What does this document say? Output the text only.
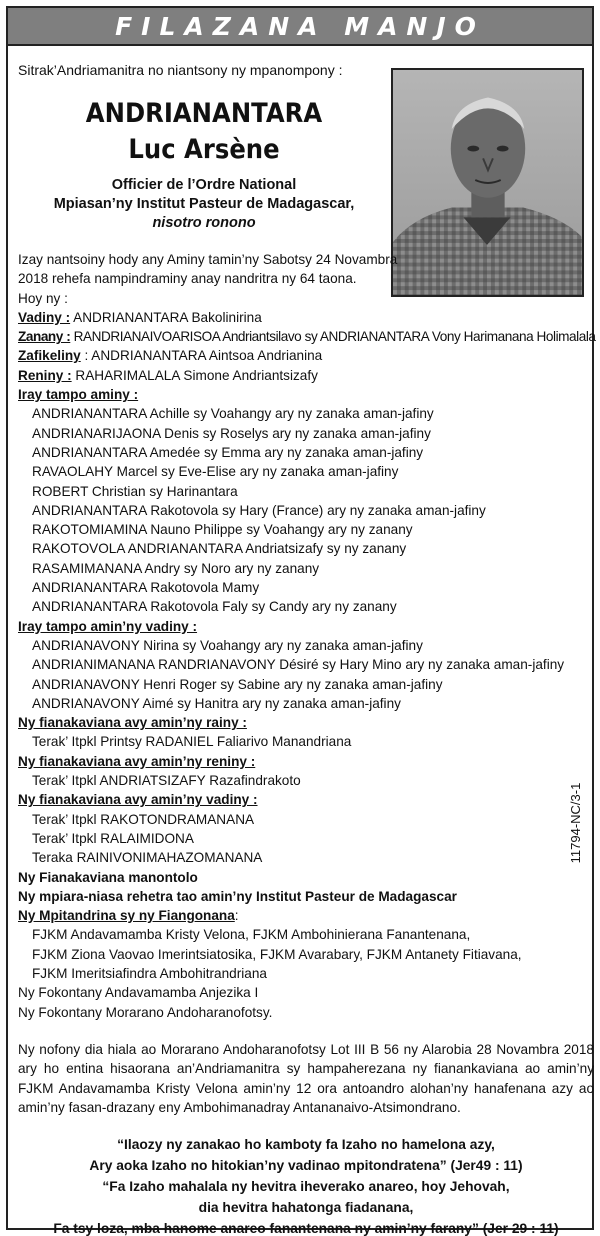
FILAZANA MANJO
Sitrak’Andriamanitra no niantsony ny mpanompony :
ANDRIANANTARA
Luc Arsène
Officier de l’Ordre National
Mpiasan’ny Institut Pasteur de Madagascar,
nisotro ronono
Izay nantsoiny hody any Aminy tamin’ny Sabotsy 24 Novambra
2018 rehefa nampindraminy anay nandritra ny 64 taona.
Hoy ny :
Vadiny : ANDRIANANTARA Bakolinirina
Zanany : RANDRIANAIVOARISOA Andriantsilavo sy ANDRIANANTARA Vony Harimanana Holimalala
Zafikeliny : ANDRIANANTARA Aintsoa Andrianina
Reniny : RAHARIMALALA Simone Andriantsizafy
Iray tampo aminy :
ANDRIANANTARA Achille sy Voahangy ary ny zanaka aman-jafiny
ANDRIANARIJAONA Denis sy Roselys ary ny zanaka aman-jafiny
ANDRIANANTARA Amedée sy Emma ary ny zanaka aman-jafiny
RAVAOLAHY Marcel sy Eve-Elise ary ny zanaka aman-jafiny
ROBERT Christian sy Harinantara
ANDRIANANTARA Rakotovola sy Hary (France) ary ny zanaka aman-jafiny
RAKOTOMIAMINA Nauno Philippe sy Voahangy ary ny zanany
RAKOTOVOLA ANDRIANANTARA Andriatsizafy sy ny zanany
RASAMIMANANA Andry sy Noro ary ny zanany
ANDRIANANTARA Rakotovola Mamy
ANDRIANANTARA Rakotovola Faly sy Candy ary ny zanany
Iray tampo amin’ny vadiny :
ANDRIANAVONY Nirina sy Voahangy ary ny zanaka aman-jafiny
ANDRIANIMANANA RANDRIANAVONY Désiré sy Hary Mino ary ny zanaka aman-jafiny
ANDRIANAVONY Henri Roger sy Sabine ary ny zanaka aman-jafiny
ANDRIANAVONY Aimé sy Hanitra ary ny zanaka aman-jafiny
Ny fianakaviana avy amin’ny rainy :
Terak’ Itpkl Printsy RADANIEL Faliarivo Manandriana
Ny fianakaviana avy amin’ny reniny :
Terak’ Itpkl ANDRIATSIZAFY Razafindrakoto
Ny fianakaviana avy amin’ny vadiny :
Terak’ Itpkl RAKOTONDRAMANANA
Terak’ Itpkl RALAIMIDONA
Teraka RAINIVONIMAHAZOMANANA
Ny Fianakaviana manontolo
Ny mpiara-niasa rehetra tao amin’ny Institut Pasteur de Madagascar
Ny Mpitandrina sy ny Fiangonana:
FJKM Andavamamba Kristy Velona, FJKM Ambohinierana Fanantenana,
FJKM Ziona Vaovao Imerintsiatosika, FJKM Avarabary, FJKM Antanety Fitiavana,
FJKM Imeritsiafindra Ambohitrandriana
Ny Fokontany Andavamamba Anjezika I
Ny Fokontany Morarano Andoharanofotsy.
Ny nofony dia hiala ao Morarano Andoharanofotsy Lot III B 56 ny Alarobia 28 Novambra 2018 ary ho entina hisaorana an’Andriamanitra sy hampaherezana ny fianankaviana ao amin’ny FJKM Andavamamba Kristy Velona amin’ny 12 ora antoandro alohan’ny hanafenana azy ao amin’ny fasan-drazany eny Ambohimanadray Antananaivo-Atsimondrano.
“Ilaozy ny zanakao ho kamboty fa Izaho no hamelona azy,
Ary aoka Izaho no hitokian’ny vadinao mpitondratena” (Jer49 : 11)
“Fa Izaho mahalala ny hevitra iheverako anareo, hoy Jehovah,
dia hevitra hahatonga fiadanana,
Fa tsy loza, mba hanome anareo fanantenana ny amin’ny farany” (Jer 29 : 11)
11794-NC/3-1
